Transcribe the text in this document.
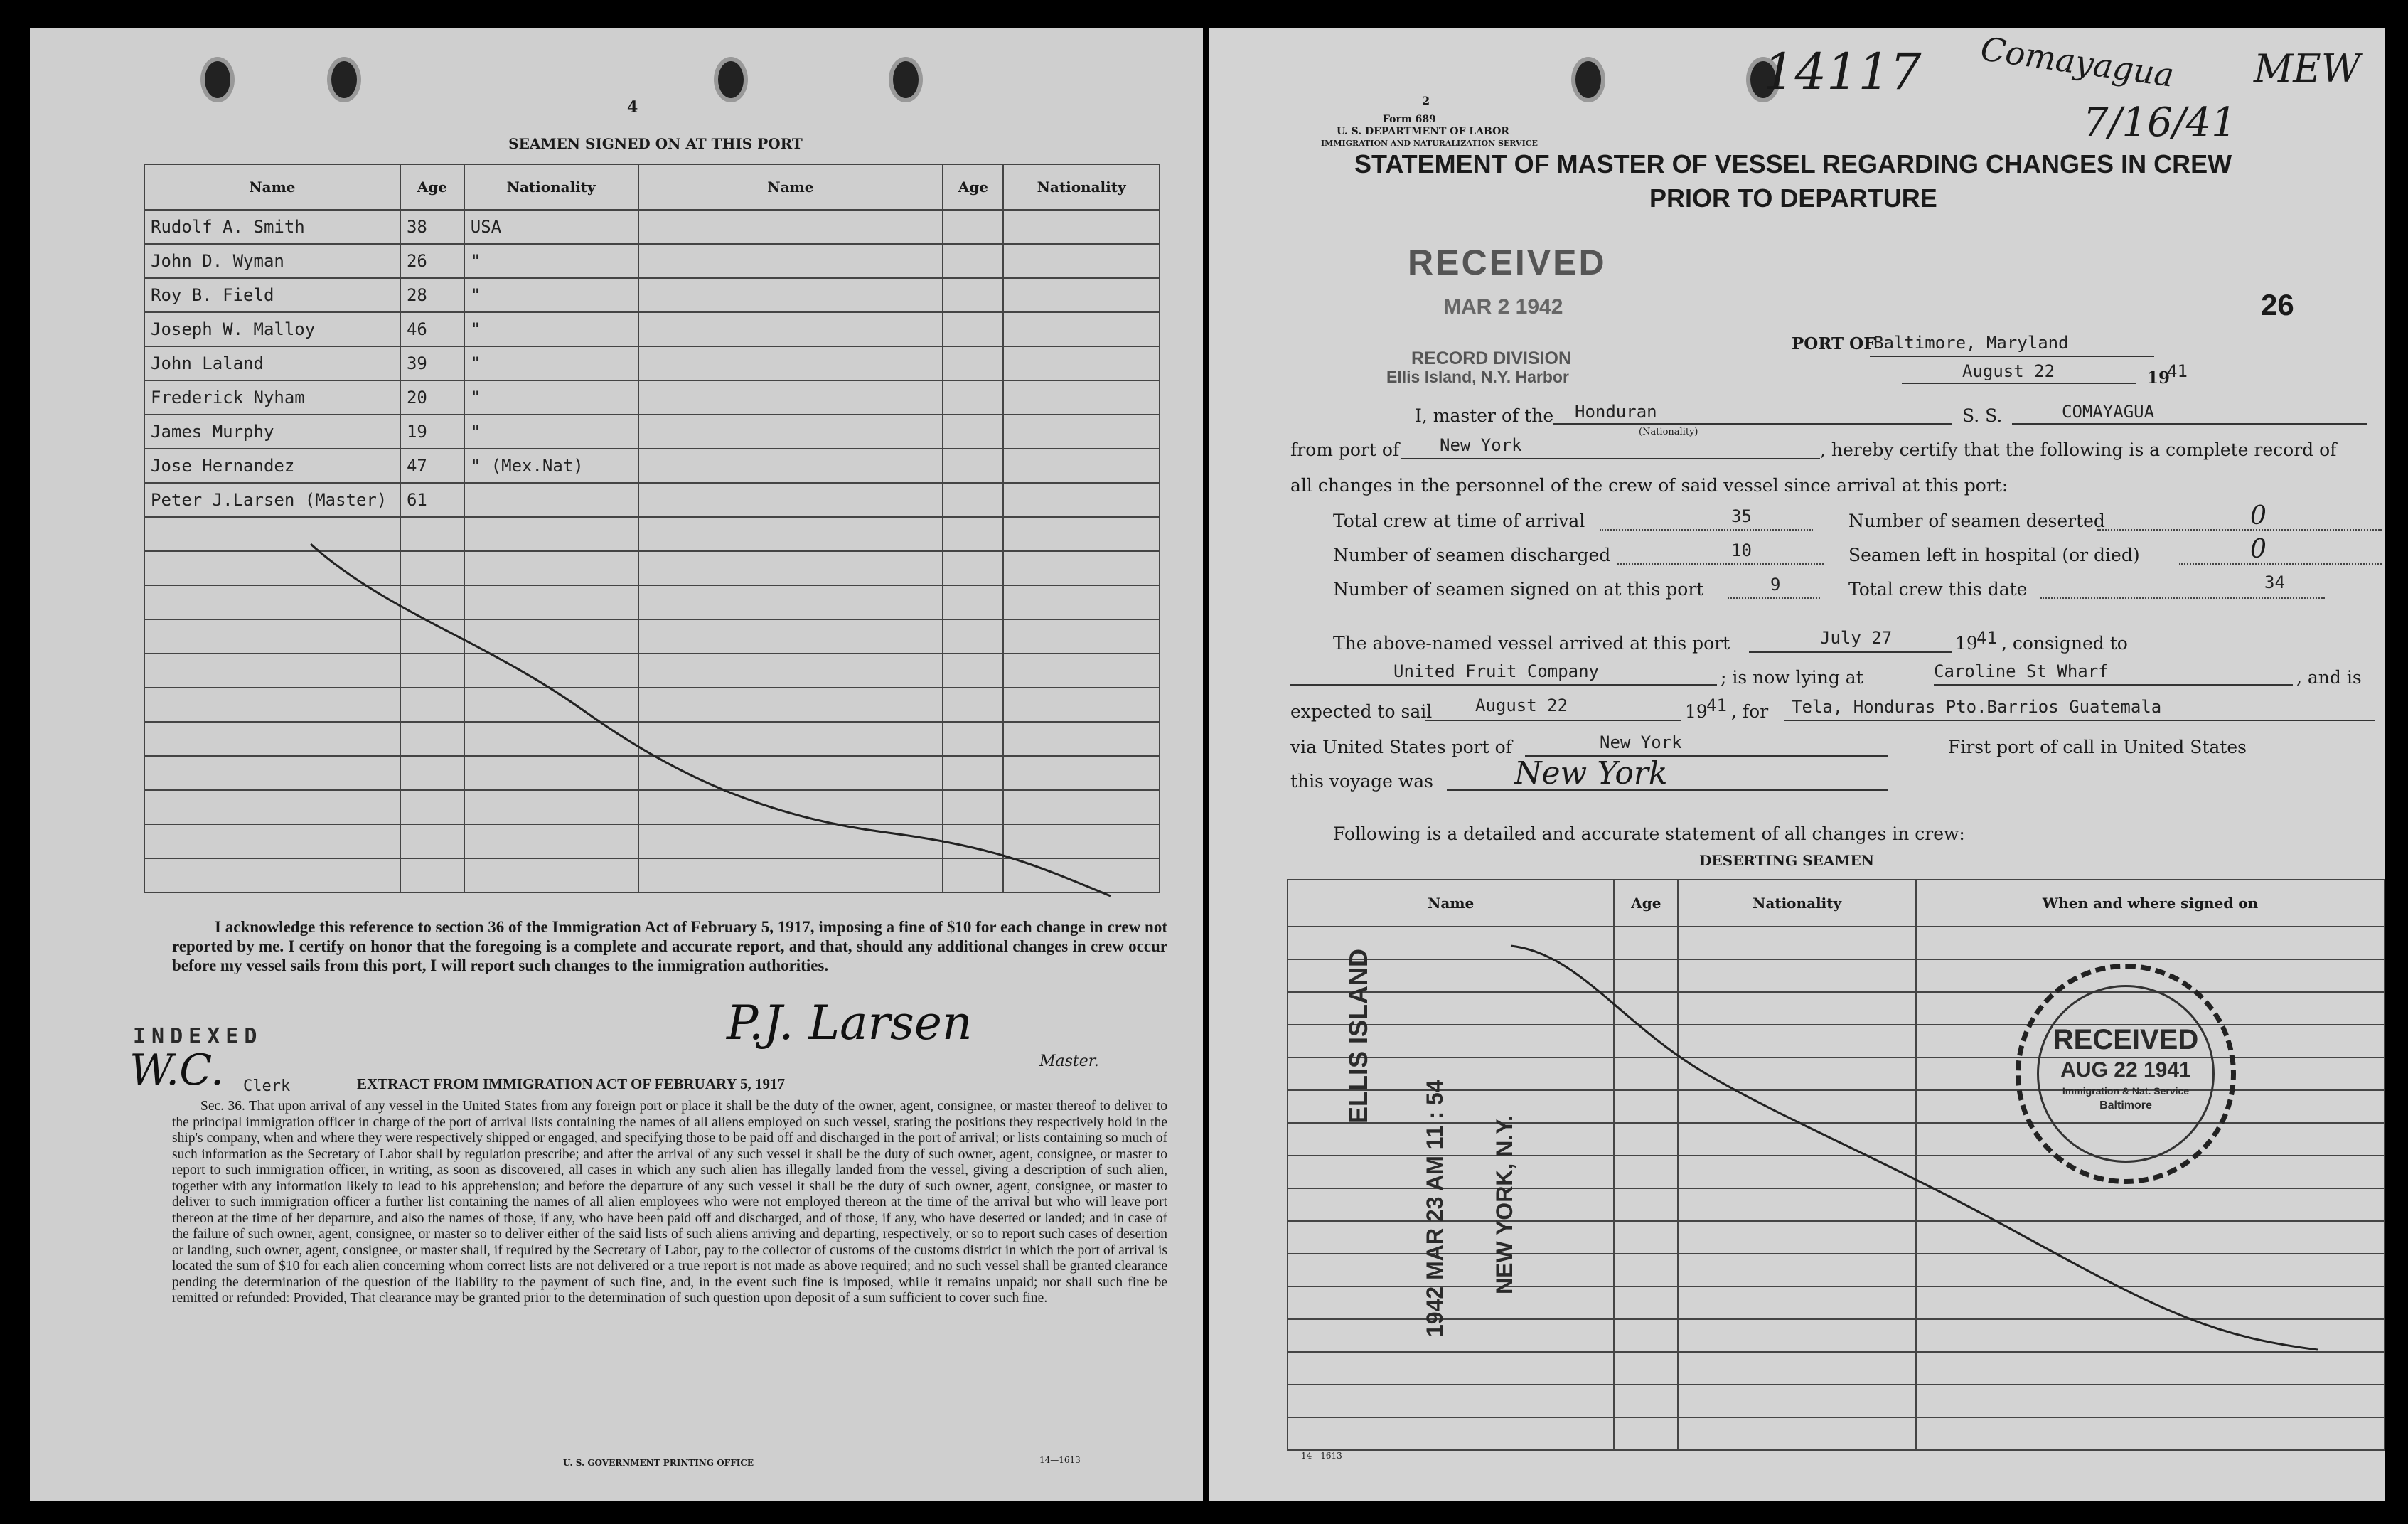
4
SEAMEN SIGNED ON AT THIS PORT
Name	Age	Nationality	Name	Age	Nationality
Rudolf A. Smith	38	USA			
John D. Wyman	26	"			
Roy B. Field	28	"			
Joseph W. Malloy	46	"			
John Laland	39	"			
Frederick Nyham	20	"			
James Murphy	19	"			
Jose Hernandez	47	" (Mex.Nat)			
Peter J.Larsen (Master)	61				

I acknowledge this reference to section 36 of the Immigration Act of February 5, 1917, imposing a fine of $10 for each change in crew not reported by me. I certify on honor that the foregoing is a complete and accurate report, and that, should any additional changes in crew occur before my vessel sails from this port, I will report such changes to the immigration authorities.
P.J. Larsen
Master.
INDEXED
W.C. Clerk	EXTRACT FROM IMMIGRATION ACT OF FEBRUARY 5, 1917
Sec. 36. That upon arrival of any vessel in the United States from any foreign port or place it shall be the duty of the owner, agent, consignee, or master thereof to deliver to the principal immigration officer in charge of the port of arrival lists containing the names of all aliens employed on such vessel, stating the positions they respectively hold in the ship's company, when and where they were respectively shipped or engaged, and specifying those to be paid off and discharged in the port of arrival; or lists containing so much of such information as the Secretary of Labor shall by regulation prescribe; and after the arrival of any such vessel it shall be the duty of such owner, agent, consignee, or master to report to such immigration officer, in writing, as soon as discovered, all cases in which any such alien has illegally landed from the vessel, giving a description of such alien, together with any information likely to lead to his apprehension; and before the departure of any such vessel it shall be the duty of such owner, agent, consignee, or master to deliver to such immigration officer a further list containing the names of all alien employees who were not employed thereon at the time of the arrival but who will leave port thereon at the time of her departure, and also the names of those, if any, who have been paid off and discharged, and of those, if any, who have deserted or landed; and in case of the failure of such owner, agent, consignee, or master so to deliver either of the said lists of such aliens arriving and departing, respectively, or so to report such cases of desertion or landing, such owner, agent, consignee, or master shall, if required by the Secretary of Labor, pay to the collector of customs of the customs district in which the port of arrival is located the sum of $10 for each alien concerning whom correct lists are not delivered or a true report is not made as above required; and no such vessel shall be granted clearance pending the determination of the question of the liability to the payment of such fine, and, in the event such fine is imposed, while it remains unpaid; nor shall such fine be remitted or refunded: Provided, That clearance may be granted prior to the determination of such question upon deposit of a sum sufficient to cover such fine.
U. S. GOVERNMENT PRINTING OFFICE	14—1613
14117 Comayagua
7/16/41
MEW
2
Form 689
U. S. DEPARTMENT OF LABOR
IMMIGRATION AND NATURALIZATION SERVICE
STATEMENT OF MASTER OF VESSEL REGARDING CHANGES IN CREW
PRIOR TO DEPARTURE
RECEIVED
MAR 2 1942
RECORD DIVISION
Ellis Island, N.Y. Harbor
26
PORT OF
Baltimore, Maryland
August 22	19
41
I, master of the Honduran
(Nationality)
S. S.	COMAYAGUA
from port of New York	, hereby certify that the following is a complete record of
all changes in the personnel of the crew of said vessel since arrival at this port:
Total crew at time of arrival	35	Number of seamen deserted	0
Number of seamen discharged	10	Seamen left in hospital (or died)	0
Number of seamen signed on at this port	9	Total crew this date	34
The above-named vessel arrived at this port	July 27	19
41 , consigned to
United Fruit Company	; is now lying at	Caroline St Wharf	, and is
expected to sail	August 22	19
41 , for Tela, Honduras Pto.Barrios Guatemala
via United States port of	New York	First port of call in United States
this voyage was	New York
Following is a detailed and accurate statement of all changes in crew:
DESERTING SEAMEN
Name	Age	Nationality	When and where signed on

ELLIS ISLAND
1942 MAR 23 AM 11 : 54 NEW YORK, N.Y.
RECEIVED
AUG 22 1941
Immigration & Nat. Service
Baltimore
14—1613
